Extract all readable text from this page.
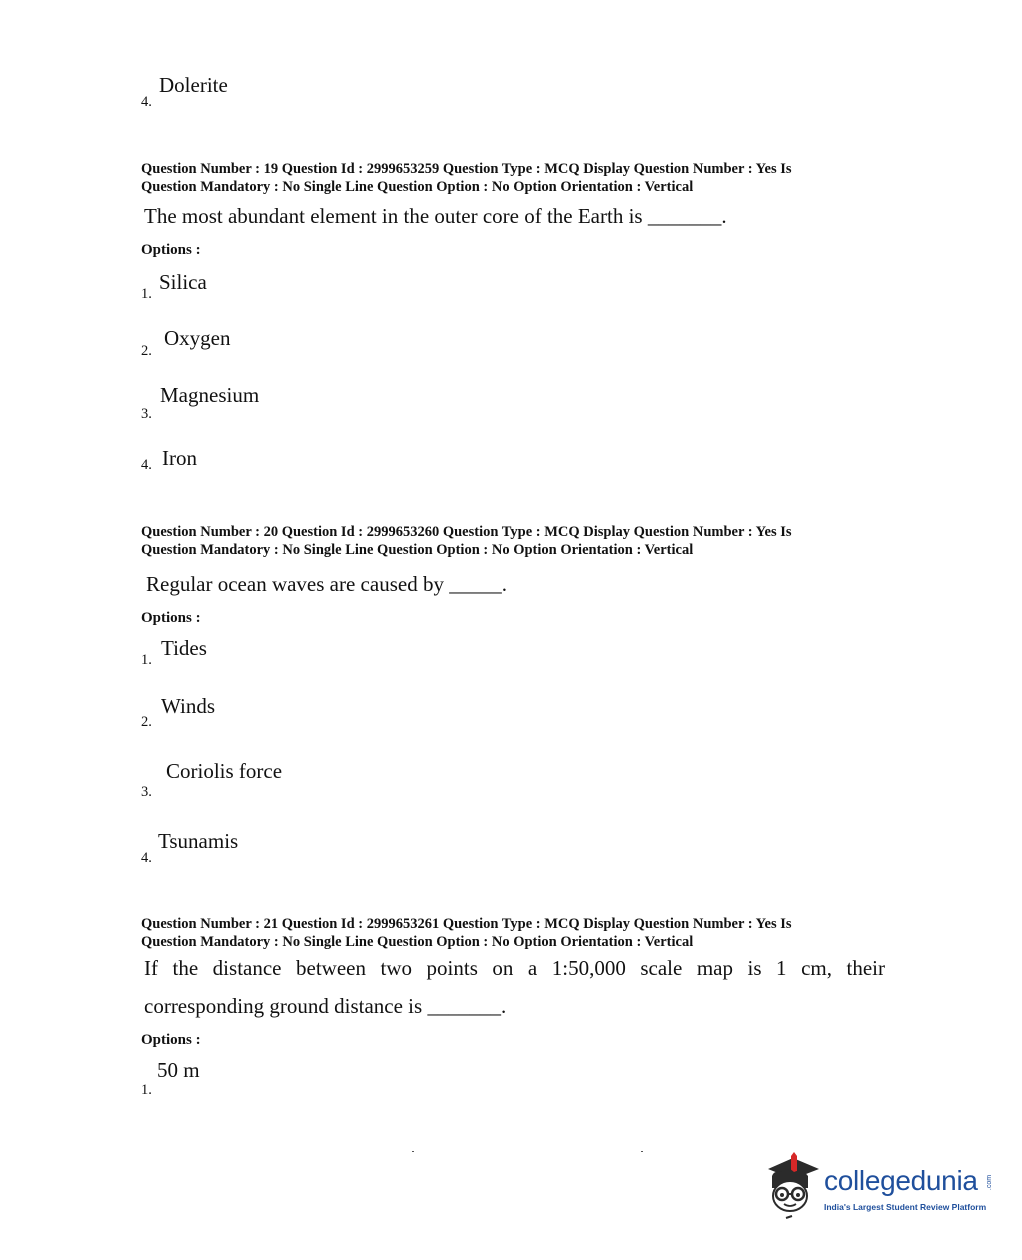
4.
Dolerite
Question Number : 19 Question Id : 2999653259 Question Type : MCQ Display Question Number : Yes Is
Question Mandatory : No Single Line Question Option : No Option Orientation : Vertical
The most abundant element in the outer core of the Earth is _______.
Options :
1. Silica
2.
Oxygen
3.
Magnesium
4. Iron
Question Number : 20 Question Id : 2999653260 Question Type : MCQ Display Question Number : Yes Is
Question Mandatory : No Single Line Question Option : No Option Orientation : Vertical
Regular ocean waves are caused by _____.
Options :
1. Tides
2.
Winds
3.
Coriolis force
4.
Tsunamis
Question Number : 21 Question Id : 2999653261 Question Type : MCQ Display Question Number : Yes Is
Question Mandatory : No Single Line Question Option : No Option Orientation : Vertical
If the distance between two points on a 1:50,000 scale map is 1 cm, their
corresponding ground distance is _______.
Options :
1.
50 m
collegedunia .com
India's Largest Student Review Platform
